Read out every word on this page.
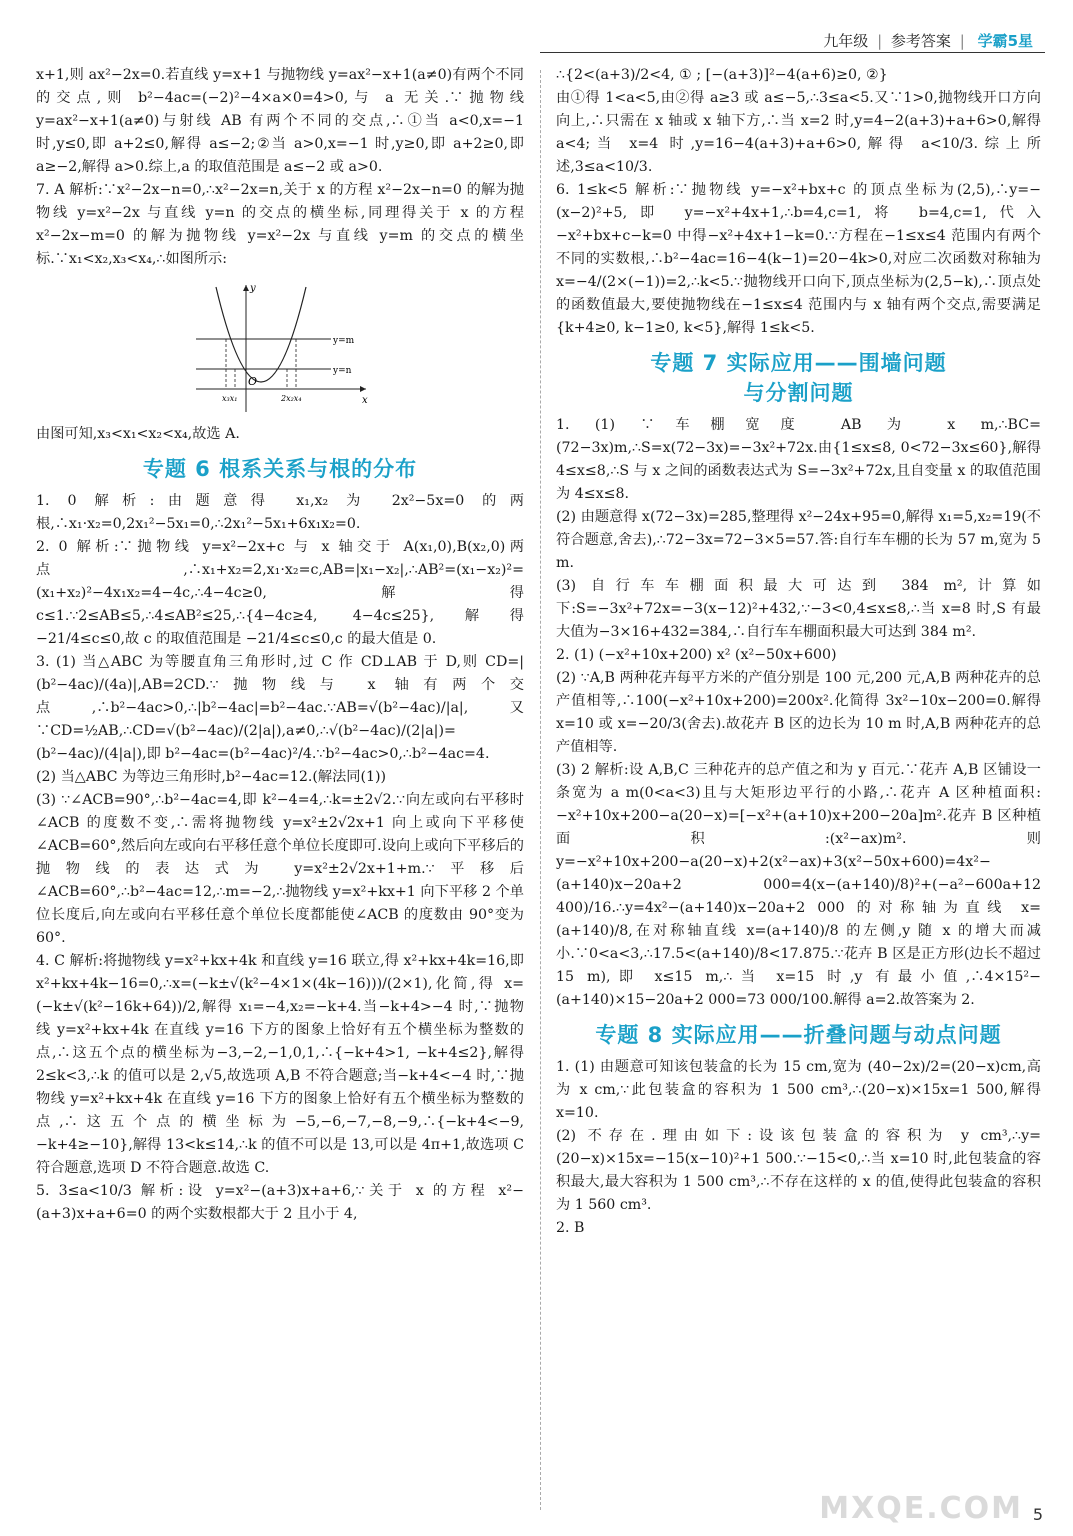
九年级 | 参考答案 | 学霸5星

x+1,则 ax²−2x=0.若直线 y=x+1 与抛物线 y=ax²−x+1(a≠0)有两个不同的交点,则 b²−4ac=(−2)²−4×a×0=4>0,与 a 无关.∵抛物线 y=ax²−x+1(a≠0)与射线 AB 有两个不同的交点,∴①当 a<0,x=−1 时,y≤0,即 a+2≤0,解得 a≤−2;②当 a>0,x=−1 时,y≥0,即 a+2≥0,即 a≥−2,解得 a>0.综上,a 的取值范围是 a≤−2 或 a>0.

7. A 解析:∵x²−2x−n=0,∴x²−2x=n,关于 x 的方程 x²−2x−n=0 的解为抛物线 y=x²−2x 与直线 y=n 的交点的横坐标,同理得关于 x 的方程 x²−2x−m=0 的解为抛物线 y=x²−2x 与直线 y=m 的交点的横坐标.∵x₁<x₂,x₃<x₄,∴如图所示:

y
x
O
y=m
y=n
x₃x₁	2x₂x₄

由图可知,x₃<x₁<x₂<x₄,故选 A.

专题 6 根系关系与根的分布

1. 0 解析:由题意得 x₁,x₂ 为 2x²−5x=0 的两根,∴x₁·x₂=0,2x₁²−5x₁=0,∴2x₁²−5x₁+6x₁x₂=0.

2. 0 解析:∵抛物线 y=x²−2x+c 与 x 轴交于 A(x₁,0),B(x₂,0)两点,∴x₁+x₂=2,x₁·x₂=c,AB=|x₁−x₂|,∴AB²=(x₁−x₂)²=(x₁+x₂)²−4x₁x₂=4−4c,∴4−4c≥0,解得 c≤1.∵2≤AB≤5,∴4≤AB²≤25,∴{4−4c≥4, 4−4c≤25},解得 −21/4≤c≤0,故 c 的取值范围是 −21/4≤c≤0,c 的最大值是 0.

3. (1) 当△ABC 为等腰直角三角形时,过 C 作 CD⊥AB 于 D,则 CD=|(b²−4ac)/(4a)|,AB=2CD.∵抛物线与 x 轴有两个交点,∴b²−4ac>0,∴|b²−4ac|=b²−4ac.∵AB=√(b²−4ac)/|a|,又∵CD=½AB,∴CD=√(b²−4ac)/(2|a|),a≠0,∴√(b²−4ac)/(2|a|)=(b²−4ac)/(4|a|),即 b²−4ac=(b²−4ac)²/4.∵b²−4ac>0,∴b²−4ac=4.

(2) 当△ABC 为等边三角形时,b²−4ac=12.(解法同(1))

(3) ∵∠ACB=90°,∴b²−4ac=4,即 k²−4=4,∴k=±2√2.∵向左或向右平移时∠ACB 的度数不变,∴需将抛物线 y=x²±2√2x+1 向上或向下平移使∠ACB=60°,然后向左或向右平移任意个单位长度即可.设向上或向下平移后的抛物线的表达式为 y=x²±2√2x+1+m.∵平移后∠ACB=60°,∴b²−4ac=12,∴m=−2,∴抛物线 y=x²+kx+1 向下平移 2 个单位长度后,向左或向右平移任意个单位长度都能使∠ACB 的度数由 90°变为 60°.

4. C 解析:将抛物线 y=x²+kx+4k 和直线 y=16 联立,得 x²+kx+4k=16,即 x²+kx+4k−16=0,∴x=(−k±√(k²−4×1×(4k−16)))/(2×1),化简,得 x=(−k±√(k²−16k+64))/2,解得 x₁=−4,x₂=−k+4.当−k+4>−4 时,∵抛物线 y=x²+kx+4k 在直线 y=16 下方的图象上恰好有五个横坐标为整数的点,∴这五个点的横坐标为−3,−2,−1,0,1,∴{−k+4>1, −k+4≤2},解得 2≤k<3,∴k 的值可以是 2,√5,故选项 A,B 不符合题意;当−k+4<−4 时,∵抛物线 y=x²+kx+4k 在直线 y=16 下方的图象上恰好有五个横坐标为整数的点,∴这五个点的横坐标为−5,−6,−7,−8,−9,∴{−k+4<−9, −k+4≥−10},解得 13<k≤14,∴k 的值不可以是 13,可以是 4π+1,故选项 C 符合题意,选项 D 不符合题意.故选 C.

5. 3≤a<10/3 解析:设 y=x²−(a+3)x+a+6,∵关于 x 的方程 x²−(a+3)x+a+6=0 的两个实数根都大于 2 且小于 4,

∴{2<(a+3)/2<4, ① ; [−(a+3)]²−4(a+6)≥0, ②}

由①得 1<a<5,由②得 a≥3 或 a≤−5,∴3≤a<5.又∵1>0,抛物线开口方向向上,∴只需在 x 轴或 x 轴下方,∴当 x=2 时,y=4−2(a+3)+a+6>0,解得 a<4;当 x=4 时,y=16−4(a+3)+a+6>0,解得 a<10/3.综上所述,3≤a<10/3.

6. 1≤k<5 解析:∵抛物线 y=−x²+bx+c 的顶点坐标为(2,5),∴y=−(x−2)²+5,即 y=−x²+4x+1,∴b=4,c=1,将 b=4,c=1,代入−x²+bx+c−k=0 中得−x²+4x+1−k=0.∵方程在−1≤x≤4 范围内有两个不同的实数根,∴b²−4ac=16−4(k−1)=20−4k>0,对应二次函数对称轴为 x=−4/(2×(−1))=2,∴k<5.∵抛物线开口向下,顶点坐标为(2,5−k),∴顶点处的函数值最大,要使抛物线在−1≤x≤4 范围内与 x 轴有两个交点,需要满足{k+4≥0, k−1≥0, k<5},解得 1≤k<5.

专题 7 实际应用——围墙问题
与分割问题

1. (1) ∵车棚宽度 AB 为 x m,∴BC=(72−3x)m,∴S=x(72−3x)=−3x²+72x.由{1≤x≤8, 0<72−3x≤60},解得 4≤x≤8,∴S 与 x 之间的函数表达式为 S=−3x²+72x,且自变量 x 的取值范围为 4≤x≤8.

(2) 由题意得 x(72−3x)=285,整理得 x²−24x+95=0,解得 x₁=5,x₂=19(不符合题意,舍去),∴72−3x=72−3×5=57.答:自行车车棚的长为 57 m,宽为 5 m.

(3) 自行车车棚面积最大可达到 384 m²,计算如下:S=−3x²+72x=−3(x−12)²+432,∵−3<0,4≤x≤8,∴当 x=8 时,S 有最大值为−3×16+432=384,∴自行车车棚面积最大可达到 384 m².

2. (1) (−x²+10x+200) x² (x²−50x+600)

(2) ∵A,B 两种花卉每平方米的产值分别是 100 元,200 元,A,B 两种花卉的总产值相等,∴100(−x²+10x+200)=200x².化简得 3x²−10x−200=0.解得 x=10 或 x=−20/3(舍去).故花卉 B 区的边长为 10 m 时,A,B 两种花卉的总产值相等.

(3) 2 解析:设 A,B,C 三种花卉的总产值之和为 y 百元.∵花卉 A,B 区铺设一条宽为 a m(0<a<3)且与大矩形边平行的小路,∴花卉 A 区种植面积:−x²+10x+200−a(20−x)=[−x²+(a+10)x+200−20a]m².花卉 B 区种植面积:(x²−ax)m².则 y=−x²+10x+200−a(20−x)+2(x²−ax)+3(x²−50x+600)=4x²−(a+140)x−20a+2 000=4(x−(a+140)/8)²+(−a²−600a+12 400)/16.∴y=4x²−(a+140)x−20a+2 000 的对称轴为直线 x=(a+140)/8,在对称轴直线 x=(a+140)/8 的左侧,y 随 x 的增大而减小.∵0<a<3,∴17.5<(a+140)/8<17.875.∵花卉 B 区是正方形(边长不超过 15 m),即 x≤15 m,∴当 x=15 时,y 有最小值,∴4×15²−(a+140)×15−20a+2 000=73 000/100.解得 a=2.故答案为 2.

专题 8 实际应用——折叠问题与动点问题

1. (1) 由题意可知该包装盒的长为 15 cm,宽为 (40−2x)/2=(20−x)cm,高为 x cm,∵此包装盒的容积为 1 500 cm³,∴(20−x)×15x=1 500,解得 x=10.

(2) 不存在.理由如下:设该包装盒的容积为 y cm³,∴y=(20−x)×15x=−15(x−10)²+1 500.∵−15<0,∴当 x=10 时,此包装盒的容积最大,最大容积为 1 500 cm³,∴不存在这样的 x 的值,使得此包装盒的容积为 1 560 cm³.

2. B

MXQE.COM 5
